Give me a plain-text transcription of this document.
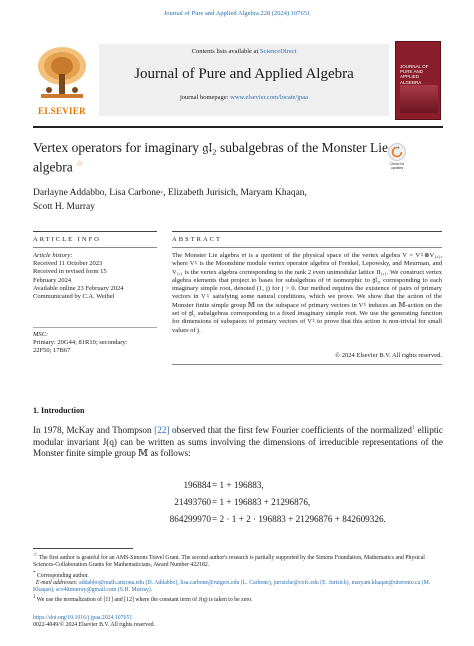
Journal of Pure and Applied Algebra 228 (2024) 107651
ELSEVIER
Contents lists available at ScienceDirect
Journal of Pure and Applied Algebra
journal homepage: www.elsevier.com/locate/jpaa
JOURNAL OF PURE AND APPLIED ALGEBRA
Vertex operators for imaginary 𝔤𝔩₂ subalgebras of the Monster Lie algebra ☆	Check for updates
Darlayne Addabbo, Lisa Carbone*, Elizabeth Jurisich, Maryam Khaqan,
Scott H. Murray
ARTICLE INFO	ABSTRACT
Article history:
Received 11 October 2023
Received in revised form 15
February 2024
Available online 23 February 2024
Communicated by C.A. Weibel
MSC:
Primary: 20G44; 81R10; secondary:
22F50; 17B67
The Monster Lie algebra 𝔪 is a quotient of the physical space of the vertex algebra V = V♮⊗V₁,₁, where V♮ is the Moonshine module vertex operator algebra of Frenkel, Lepowsky, and Meurman, and V₁,₁ is the vertex algebra corresponding to the rank 2 even unimodular lattice II₁,₁. We construct vertex algebra elements that project to bases for subalgebras of 𝔪 isomorphic to 𝔤𝔩₂, corresponding to each imaginary simple root, denoted (1, j) for j > 0. Our method requires the existence of pairs of primary vectors in V♮ satisfying some natural conditions, which we prove. We show that the action of the Monster finite simple group 𝕄 on the subspace of primary vectors in V♮ induces an 𝕄-action on the set of 𝔤𝔩₂ subalgebras corresponding to a fixed imaginary simple root. We use the generating function for dimensions of subspaces of primary vectors of V♮ to prove that this action is non-trivial for small values of j.
© 2024 Elsevier B.V. All rights reserved.
1. Introduction
In 1978, McKay and Thompson [22] observed that the first few Fourier coefficients of the normalized$^1$ elliptic modular invariant J(q) can be written as sums involving the dimensions of irreducible representations of the Monster finite simple group 𝕄 as follows:
196884 = 1 + 196883,
21493760 = 1 + 196883 + 21296876,
864299970 = 2 · 1 + 2 · 196883 + 21296876 + 842609326.
☆ The first author is grateful for an AMS-Simons Travel Grant. The second author's research is partially supported by the Simons Foundation, Mathematics and Physical Sciences-Collaboration Grants for Mathematicians, Award Number 422182.
* Corresponding author.
E-mail addresses: addabbo@math.arizona.edu (D. Addabbo), lisa.carbone@rutgers.edu (L. Carbone), jurisiche@cofc.edu (E. Jurisich), maryam.khaqan@utoronto.ca (M. Khaqan), sco4ttmurray@gmail.com (S.H. Murray).
$^1$ We use the normalization of [11] and [12] where the constant term of J(q) is taken to be zero.
https://doi.org/10.1016/j.jpaa.2024.107651
0022-4049/© 2024 Elsevier B.V. All rights reserved.
